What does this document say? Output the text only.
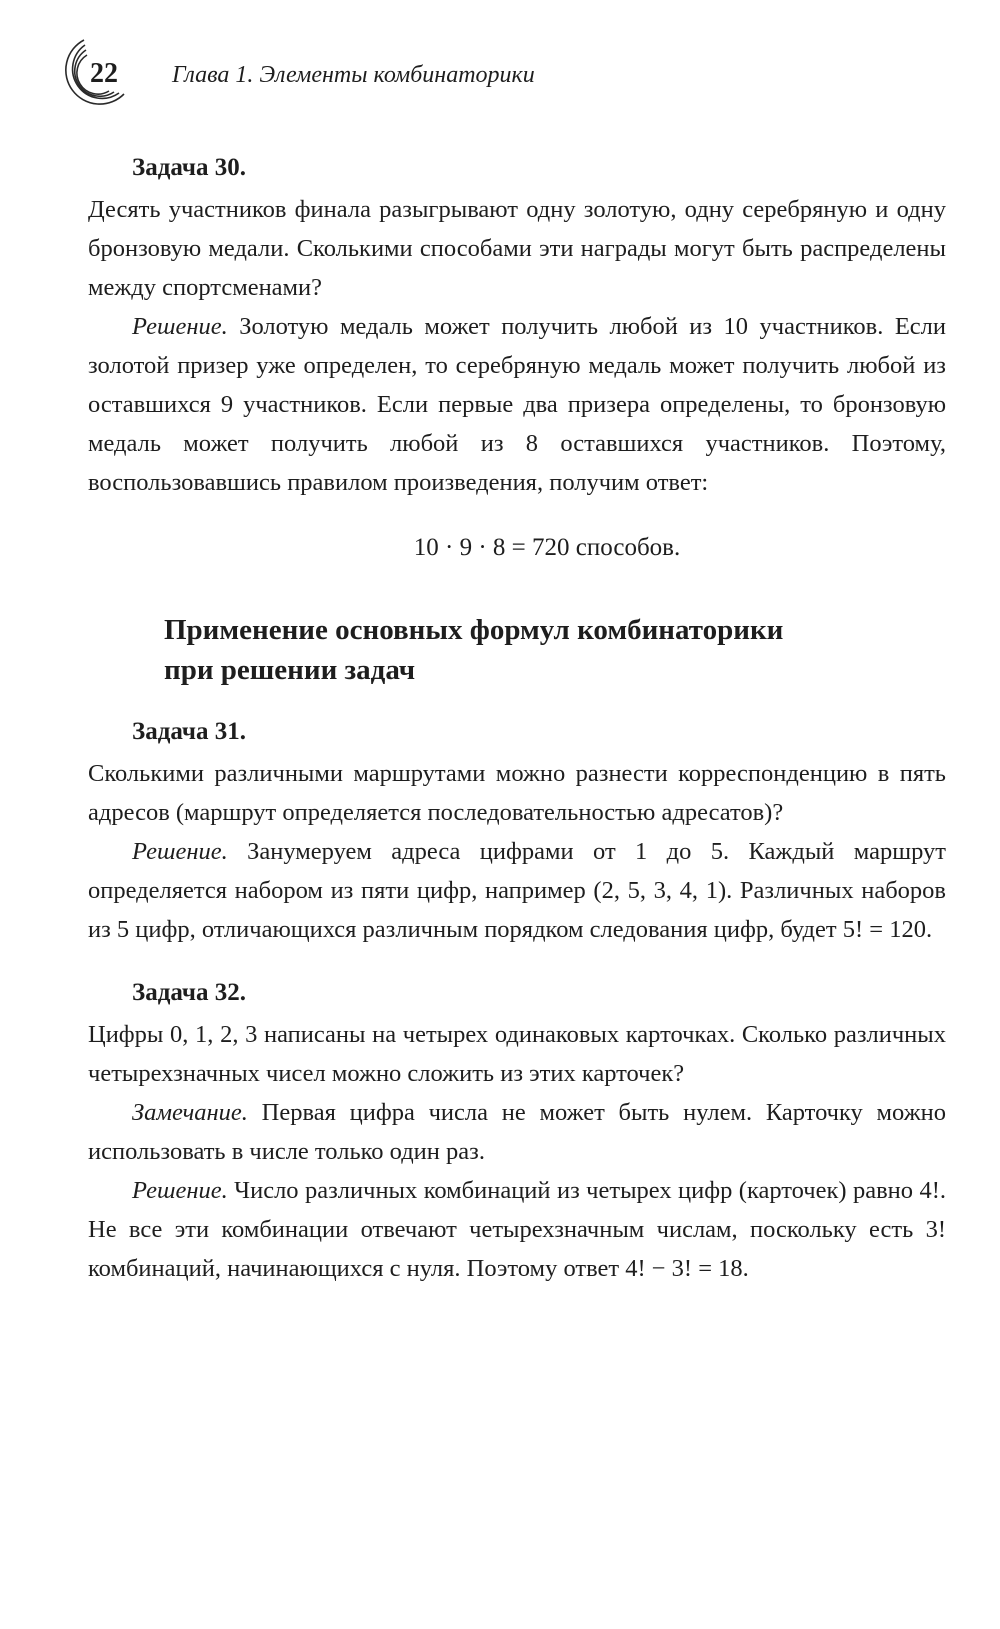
22 Глава 1. Элементы комбинаторики
Задача 30.

Десять участников финала разыгрывают одну золотую, одну серебряную и одну бронзовую медали. Сколькими способами эти награды могут быть распределены между спортсменами?

Решение. Золотую медаль может получить любой из 10 участников. Если золотой призер уже определен, то серебряную медаль может получить любой из оставшихся 9 участников. Если первые два призера определены, то бронзовую медаль может получить любой из 8 оставшихся участников. Поэтому, воспользовавшись правилом произведения, получим ответ:

10 · 9 · 8 = 720 способов.
Применение основных формул комбинаторики
при решении задач
Задача 31.

Сколькими различными маршрутами можно разнести корреспонденцию в пять адресов (маршрут определяется последовательностью адресатов)?

Решение. Занумеруем адреса цифрами от 1 до 5. Каждый маршрут определяется набором из пяти цифр, например (2, 5, 3, 4, 1). Различных наборов из 5 цифр, отличающихся различным порядком следования цифр, будет 5! = 120.

Задача 32.

Цифры 0, 1, 2, 3 написаны на четырех одинаковых карточках. Сколько различных четырехзначных чисел можно сложить из этих карточек?

Замечание. Первая цифра числа не может быть нулем. Карточку можно использовать в числе только один раз.

Решение. Число различных комбинаций из четырех цифр (карточек) равно 4!. Не все эти комбинации отвечают четырехзначным числам, поскольку есть 3! комбинаций, начинающихся с нуля. Поэтому ответ 4! − 3! = 18.
